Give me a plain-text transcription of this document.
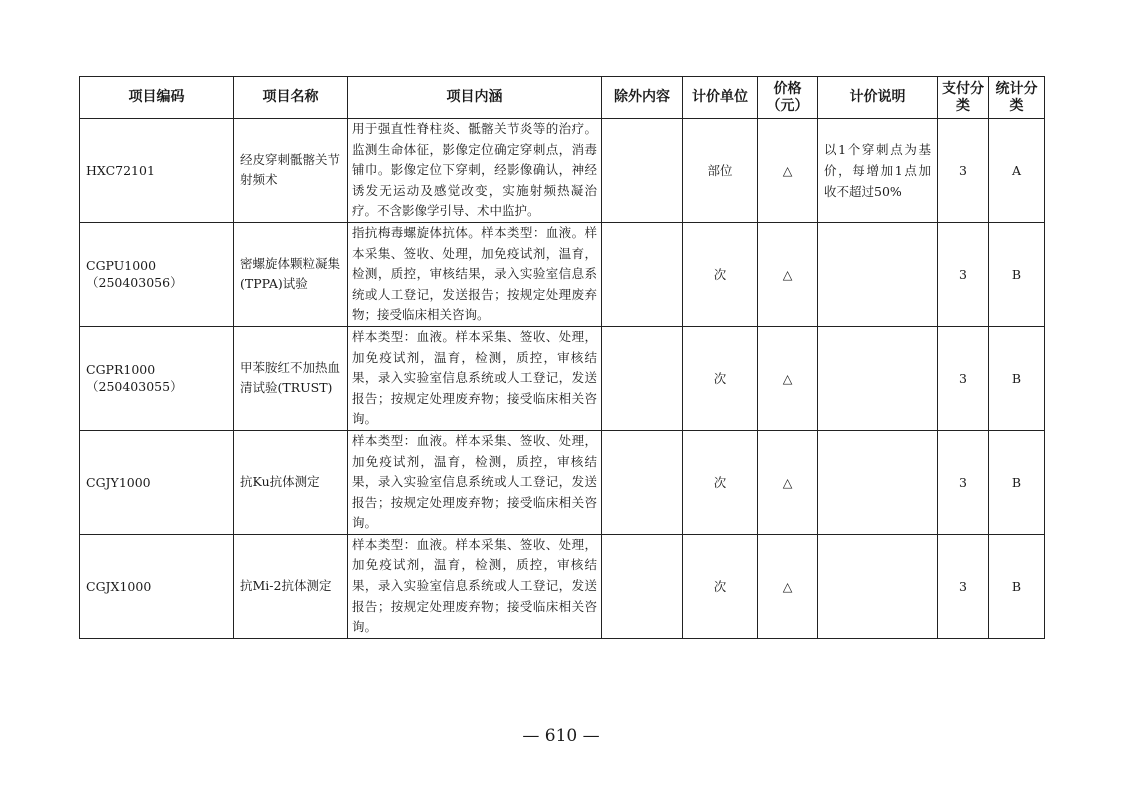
项目编码	项目名称	项目内涵	除外内容	计价单位	价格（元）	计价说明	支付分类	统计分类
HXC72101	经皮穿刺骶髂关节射频术	用于强直性脊柱炎、骶髂关节炎等的治疗。监测生命体征，影像定位确定穿刺点，消毒铺巾。影像定位下穿刺，经影像确认，神经诱发无运动及感觉改变，实施射频热凝治疗。不含影像学引导、术中监护。		部位	△	以1个穿刺点为基价，每增加1点加收不超过50%	3	A
CGPU1000（250403056）	密螺旋体颗粒凝集(TPPA)试验	指抗梅毒螺旋体抗体。样本类型：血液。样本采集、签收、处理，加免疫试剂，温育，检测，质控，审核结果，录入实验室信息系统或人工登记，发送报告；按规定处理废弃物；接受临床相关咨询。		次	△		3	B
CGPR1000（250403055）	甲苯胺红不加热血清试验(TRUST)	样本类型：血液。样本采集、签收、处理，加免疫试剂，温育，检测，质控，审核结果，录入实验室信息系统或人工登记，发送报告；按规定处理废弃物；接受临床相关咨询。		次	△		3	B
CGJY1000	抗Ku抗体测定	样本类型：血液。样本采集、签收、处理，加免疫试剂，温育，检测，质控，审核结果，录入实验室信息系统或人工登记，发送报告；按规定处理废弃物；接受临床相关咨询。		次	△		3	B
CGJX1000	抗Mi-2抗体测定	样本类型：血液。样本采集、签收、处理，加免疫试剂，温育，检测，质控，审核结果，录入实验室信息系统或人工登记，发送报告；按规定处理废弃物；接受临床相关咨询。		次	△		3	B
— 610 —
